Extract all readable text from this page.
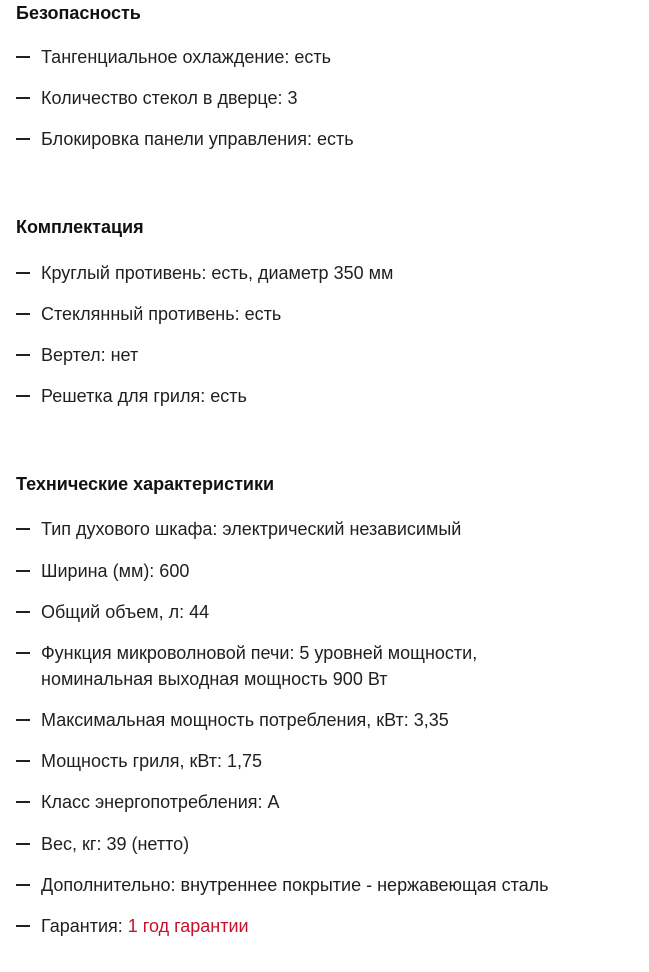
Безопасность
Тангенциальное охлаждение: есть
Количество стекол в дверце: 3
Блокировка панели управления: есть
Комплектация
Круглый противень: есть, диаметр 350 мм
Стеклянный противень: есть
Вертел: нет
Решетка для гриля: есть
Технические характеристики
Тип духового шкафа: электрический независимый
Ширина (мм): 600
Общий объем, л: 44
Функция микроволновой печи: 5 уровней мощности, номинальная выходная мощность 900 Вт
Максимальная мощность потребления, кВт: 3,35
Мощность гриля, кВт: 1,75
Класс энергопотребления: А
Вес, кг: 39 (нетто)
Дополнительно: внутреннее покрытие - нержавеющая сталь
Гарантия: 1 год гарантии
